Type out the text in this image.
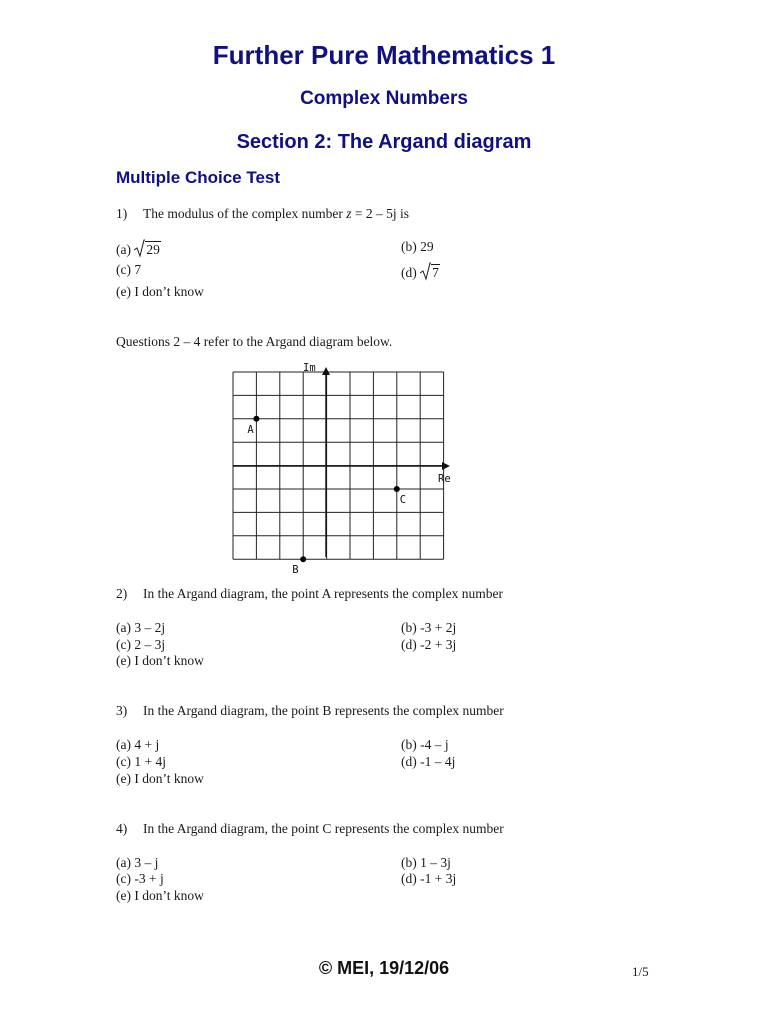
Further Pure Mathematics 1
Complex Numbers
Section 2: The Argand diagram
Multiple Choice Test
1) The modulus of the complex number z = 2 – 5j is
(a) 29	(b) 29
(c) 7	(d) 7
(e) I don’t know
Questions 2 – 4 refer to the Argand diagram below.
Im
Re
A
B
C
2) In the Argand diagram, the point A represents the complex number
(a) 3 – 2j	(b) -3 + 2j
(c) 2 – 3j	(d) -2 + 3j
(e) I don’t know
3) In the Argand diagram, the point B represents the complex number
(a) 4 + j	(b) -4 – j
(c) 1 + 4j	(d) -1 – 4j
(e) I don’t know
4) In the Argand diagram, the point C represents the complex number
(a) 3 – j	(b) 1 – 3j
(c) -3 + j	(d) -1 + 3j
(e) I don’t know
© MEI, 19/12/06	1/5
